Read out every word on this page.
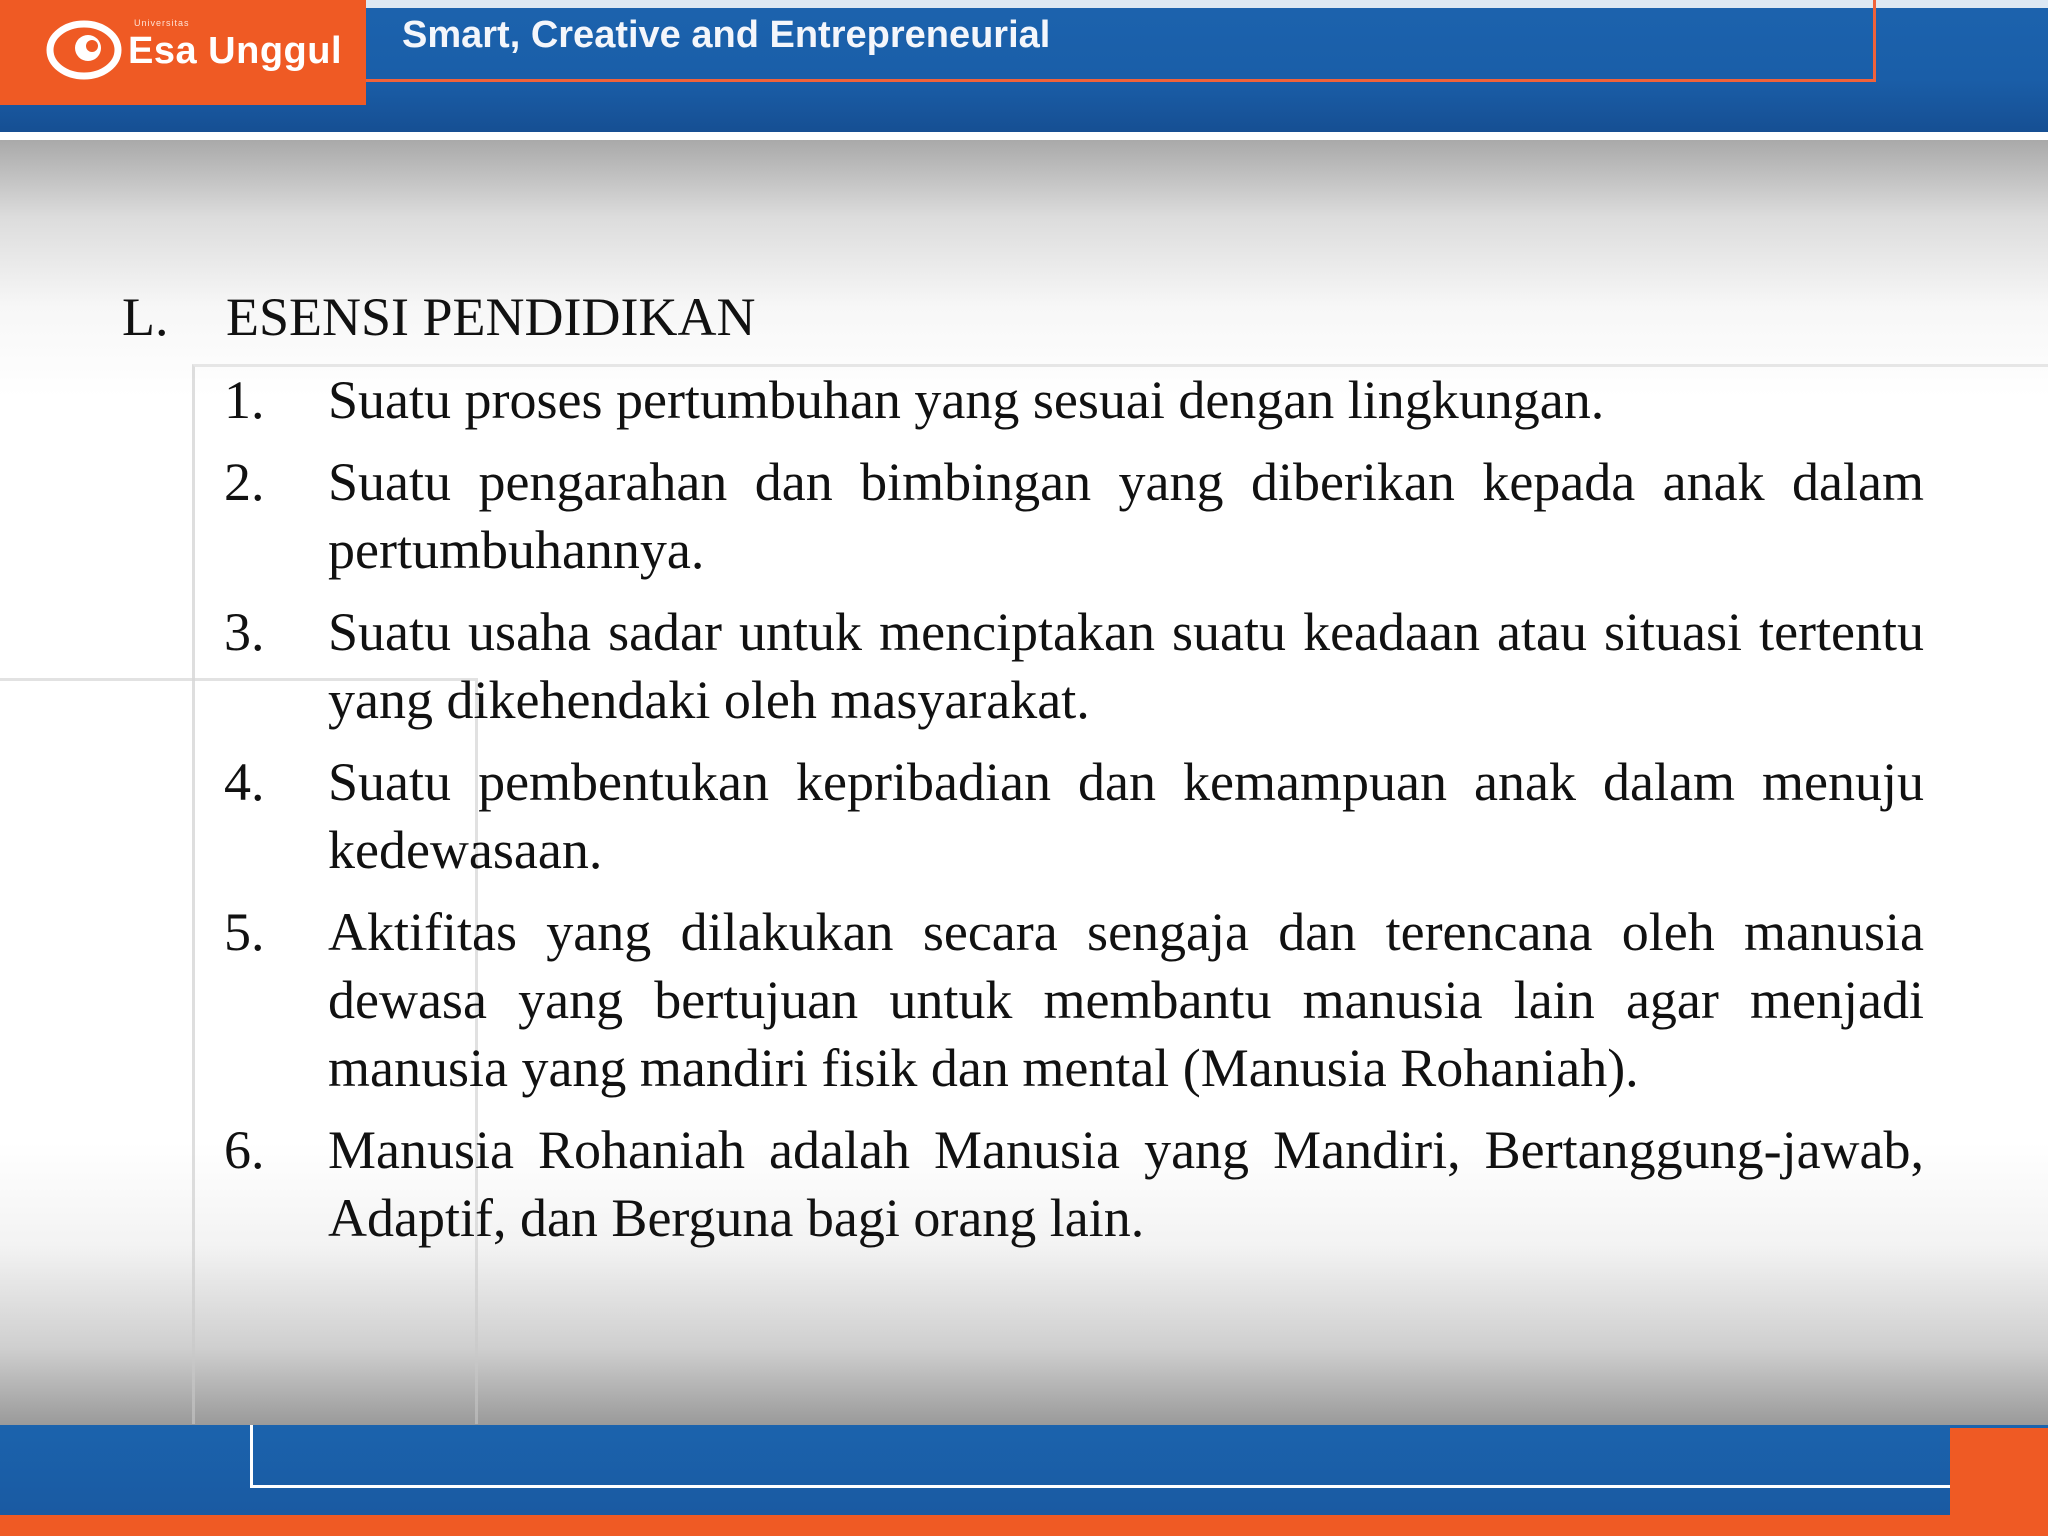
Universitas
Esa Unggul Smart, Creative and Entrepreneurial
L. ESENSI PENDIDIKAN
1.	Suatu proses pertumbuhan yang sesuai dengan lingkungan.
2.	Suatu pengarahan dan bimbingan yang diberikan kepada anak dalam pertumbuhannya.
3.	Suatu usaha sadar untuk menciptakan suatu keadaan atau situasi tertentu yang dikehendaki oleh masyarakat.
4.	Suatu pembentukan kepribadian dan kemampuan anak dalam menuju kedewasaan.
5.	Aktifitas yang dilakukan secara sengaja dan terencana oleh manusia dewasa yang bertujuan untuk membantu manusia lain agar menjadi manusia yang mandiri fisik dan mental (Manusia Rohaniah).
6.	Manusia Rohaniah adalah Manusia yang Mandiri, Bertanggung-jawab, Adaptif, dan Berguna bagi orang lain.
